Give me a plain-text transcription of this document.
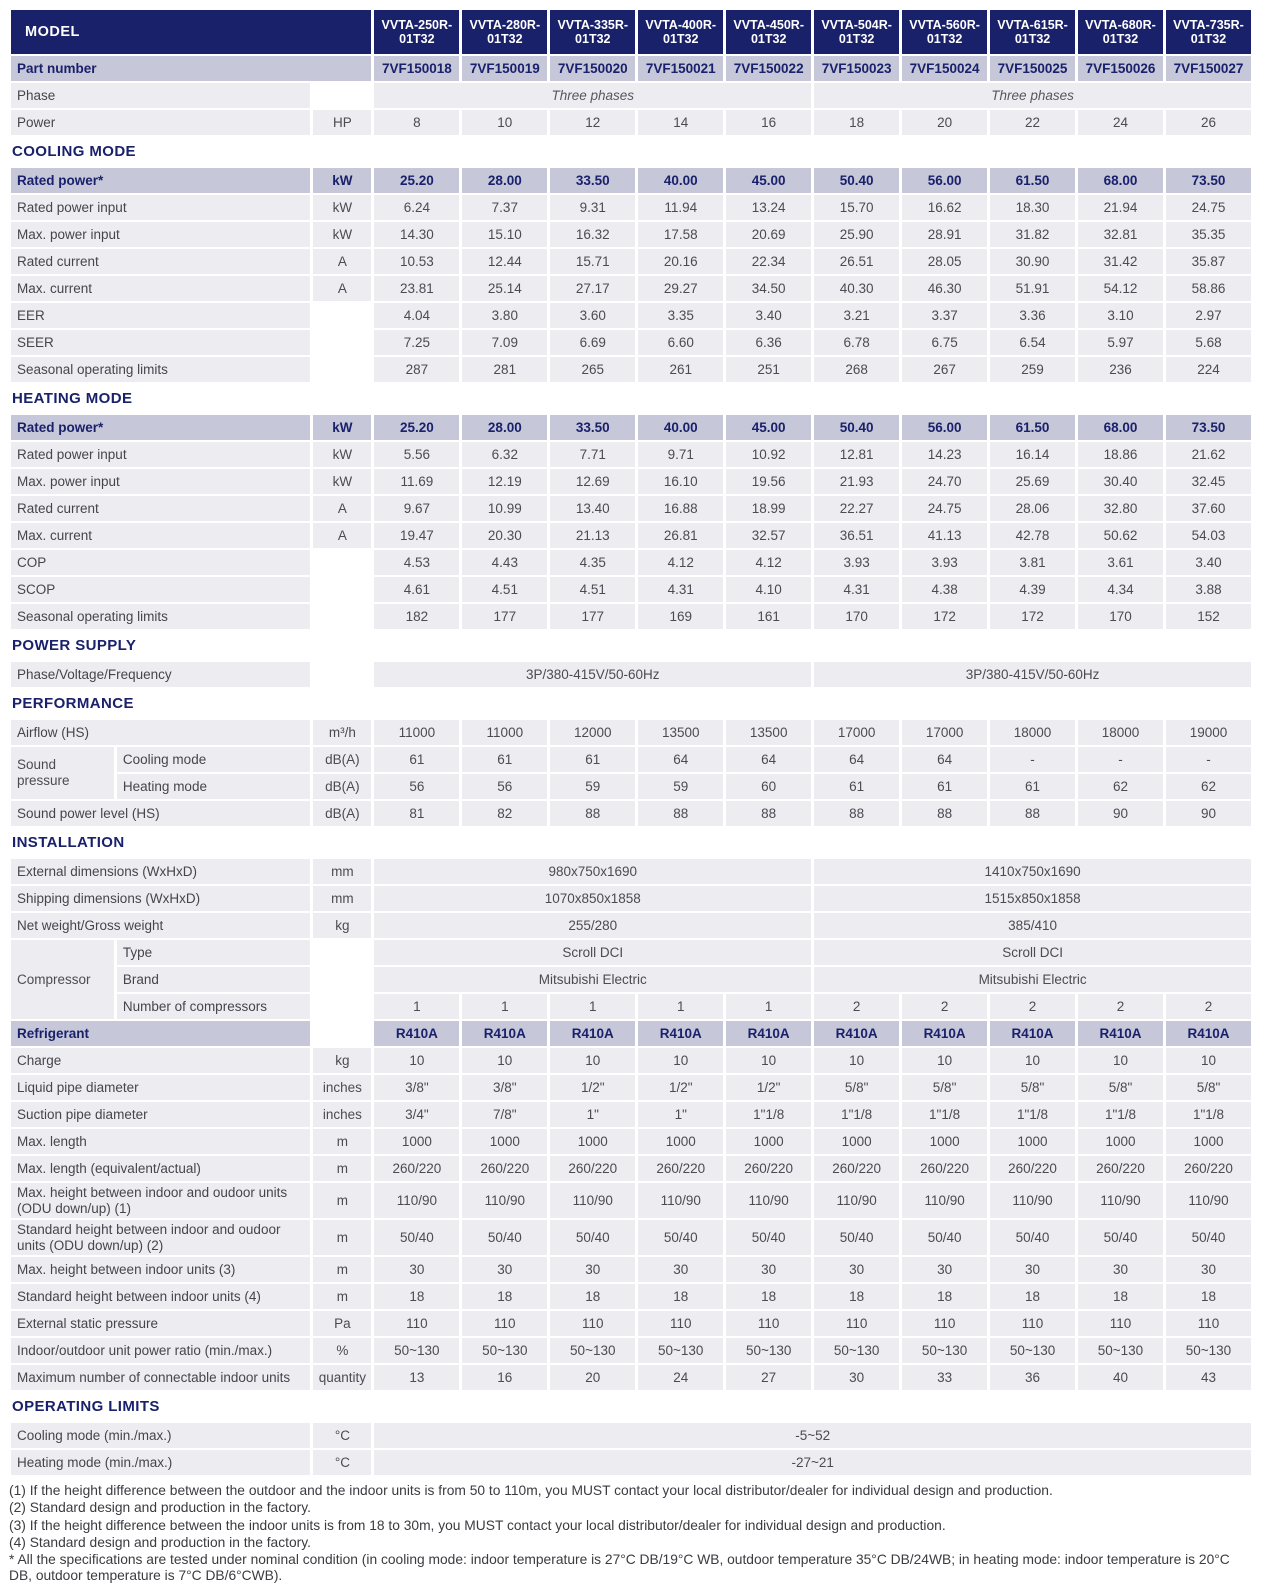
MODEL			VVTA-250R-01T32	VVTA-280R-01T32	VVTA-335R-01T32	VVTA-400R-01T32	VVTA-450R-01T32	VVTA-504R-01T32	VVTA-560R-01T32	VVTA-615R-01T32	VVTA-680R-01T32	VVTA-735R-01T32
Part number			7VF150018	7VF150019	7VF150020	7VF150021	7VF150022	7VF150023	7VF150024	7VF150025	7VF150026	7VF150027
Phase			Three phases					Three phases				
Power		HP	8	10	12	14	16	18	20	22	24	26
COOLING MODE												
Rated power*		kW	25.20	28.00	33.50	40.00	45.00	50.40	56.00	61.50	68.00	73.50
Rated power input		kW	6.24	7.37	9.31	11.94	13.24	15.70	16.62	18.30	21.94	24.75
Max. power input		kW	14.30	15.10	16.32	17.58	20.69	25.90	28.91	31.82	32.81	35.35
Rated current		A	10.53	12.44	15.71	20.16	22.34	26.51	28.05	30.90	31.42	35.87
Max. current		A	23.81	25.14	27.17	29.27	34.50	40.30	46.30	51.91	54.12	58.86
EER			4.04	3.80	3.60	3.35	3.40	3.21	3.37	3.36	3.10	2.97
SEER			7.25	7.09	6.69	6.60	6.36	6.78	6.75	6.54	5.97	5.68
Seasonal operating limits			287	281	265	261	251	268	267	259	236	224
HEATING MODE												
Rated power*		kW	25.20	28.00	33.50	40.00	45.00	50.40	56.00	61.50	68.00	73.50
Rated power input		kW	5.56	6.32	7.71	9.71	10.92	12.81	14.23	16.14	18.86	21.62
Max. power input		kW	11.69	12.19	12.69	16.10	19.56	21.93	24.70	25.69	30.40	32.45
Rated current		A	9.67	10.99	13.40	16.88	18.99	22.27	24.75	28.06	32.80	37.60
Max. current		A	19.47	20.30	21.13	26.81	32.57	36.51	41.13	42.78	50.62	54.03
COP			4.53	4.43	4.35	4.12	4.12	3.93	3.93	3.81	3.61	3.40
SCOP			4.61	4.51	4.51	4.31	4.10	4.31	4.38	4.39	4.34	3.88
Seasonal operating limits			182	177	177	169	161	170	172	172	170	152
POWER SUPPLY												
Phase/Voltage/Frequency			3P/380-415V/50-60Hz					3P/380-415V/50-60Hz				
PERFORMANCE												
Airflow (HS)		m³/h	11000	11000	12000	13500	13500	17000	17000	18000	18000	19000
Sound pressure	Cooling mode	dB(A)	61	61	61	64	64	64	64	-	-	-
	Heating mode	dB(A)	56	56	59	59	60	61	61	61	62	62
Sound power level (HS)		dB(A)	81	82	88	88	88	88	88	88	90	90
INSTALLATION												
External dimensions (WxHxD)		mm	980x750x1690					1410x750x1690				
Shipping dimensions (WxHxD)		mm	1070x850x1858					1515x850x1858				
Net weight/Gross weight		kg	255/280					385/410				
Compressor	Type		Scroll DCI					Scroll DCI				
	Brand		Mitsubishi Electric					Mitsubishi Electric				
	Number of compressors		1	1	1	1	1	2	2	2	2	2
Refrigerant			R410A	R410A	R410A	R410A	R410A	R410A	R410A	R410A	R410A	R410A
Charge		kg	10	10	10	10	10	10	10	10	10	10
Liquid pipe diameter		inches	3/8"	3/8"	1/2"	1/2"	1/2"	5/8"	5/8"	5/8"	5/8"	5/8"
Suction pipe diameter		inches	3/4"	7/8"	1"	1"	1"1/8	1"1/8	1"1/8	1"1/8	1"1/8	1"1/8
Max. length		m	1000	1000	1000	1000	1000	1000	1000	1000	1000	1000
Max. length (equivalent/actual)		m	260/220	260/220	260/220	260/220	260/220	260/220	260/220	260/220	260/220	260/220
Max. height between indoor and oudoor units (ODU down/up) (1)		m	110/90	110/90	110/90	110/90	110/90	110/90	110/90	110/90	110/90	110/90
Standard height between indoor and oudoor units (ODU down/up) (2)		m	50/40	50/40	50/40	50/40	50/40	50/40	50/40	50/40	50/40	50/40
Max. height between indoor units (3)		m	30	30	30	30	30	30	30	30	30	30
Standard height between indoor units (4)		m	18	18	18	18	18	18	18	18	18	18
External static pressure		Pa	110	110	110	110	110	110	110	110	110	110
Indoor/outdoor unit power ratio (min./max.)		%	50~130	50~130	50~130	50~130	50~130	50~130	50~130	50~130	50~130	50~130
Maximum number of connectable indoor units		quantity	13	16	20	24	27	30	33	36	40	43
OPERATING LIMITS												
Cooling mode (min./max.)		°C	-5~52									
Heating mode (min./max.)		°C	-27~21									
(1) If the height difference between the outdoor and the indoor units is from 50 to 110m, you MUST contact your local distributor/dealer for individual design and production.
(2) Standard design and production in the factory.
(3) If the height difference between the indoor units is from 18 to 30m, you MUST contact your local distributor/dealer for individual design and production.
(4) Standard design and production in the factory.
* All the specifications are tested under nominal condition (in cooling mode: indoor temperature is 27°C DB/19°C WB, outdoor temperature 35°C DB/24WB; in heating mode: indoor temperature is 20°C DB, outdoor temperature is 7°C DB/6°CWB).
